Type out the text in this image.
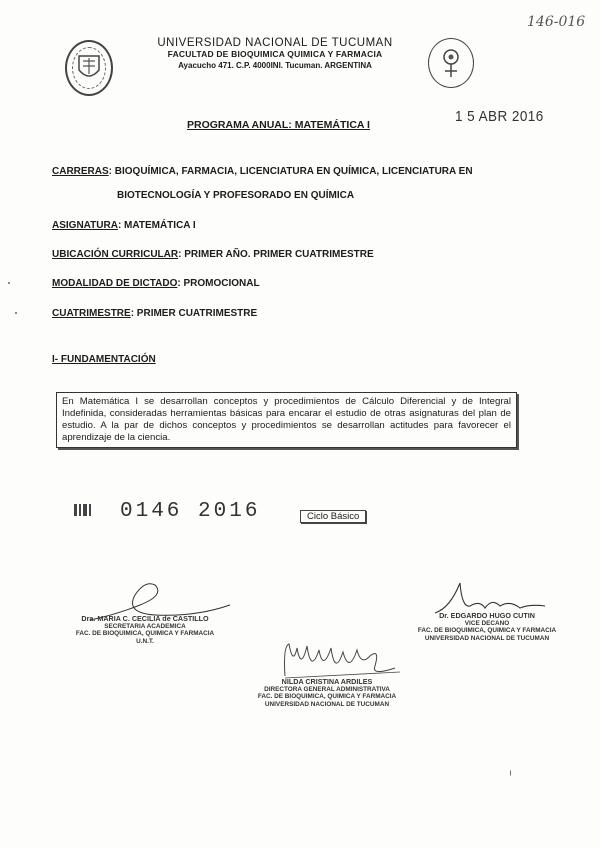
UNIVERSIDAD NACIONAL DE TUCUMAN
FACULTAD DE BIOQUIMICA QUIMICA Y FARMACIA
Ayacucho 471. C.P. 4000INI. Tucuman. ARGENTINA
146-016
1 5 ABR 2016
PROGRAMA ANUAL: MATEMÁTICA I
CARRERAS: BIOQUÍMICA, FARMACIA, LICENCIATURA EN QUÍMICA, LICENCIATURA EN
BIOTECNOLOGÍA Y PROFESORADO EN QUÍMICA
ASIGNATURA: MATEMÁTICA I
UBICACIÓN CURRICULAR: PRIMER AÑO. PRIMER CUATRIMESTRE
MODALIDAD DE DICTADO: PROMOCIONAL
CUATRIMESTRE: PRIMER CUATRIMESTRE
I- FUNDAMENTACIÓN
En Matemática I se desarrollan conceptos y procedimientos de Cálculo Diferencial y de Integral Indefinida, consideradas herramientas básicas para encarar el estudio de otras asignaturas del plan de estudio. A la par de dichos conceptos y procedimientos se desarrollan actitudes para favorecer el aprendizaje de la ciencia.
0146 2016	Ciclo Básico
Dra. MARIA C. CECILIA de CASTILLO
SECRETARIA ACADEMICA
FAC. DE BIOQUIMICA, QUIMICA Y FARMACIA
U.N.T.
Dr. EDGARDO HUGO CUTIN
VICE DECANO
FAC. DE BIOQUIMICA, QUIMICA Y FARMACIA
UNIVERSIDAD NACIONAL DE TUCUMAN
NILDA CRISTINA ARDILES
DIRECTORA GENERAL ADMINISTRATIVA
FAC. DE BIOQUIMICA, QUIMICA Y FARMACIA
UNIVERSIDAD NACIONAL DE TUCUMAN
